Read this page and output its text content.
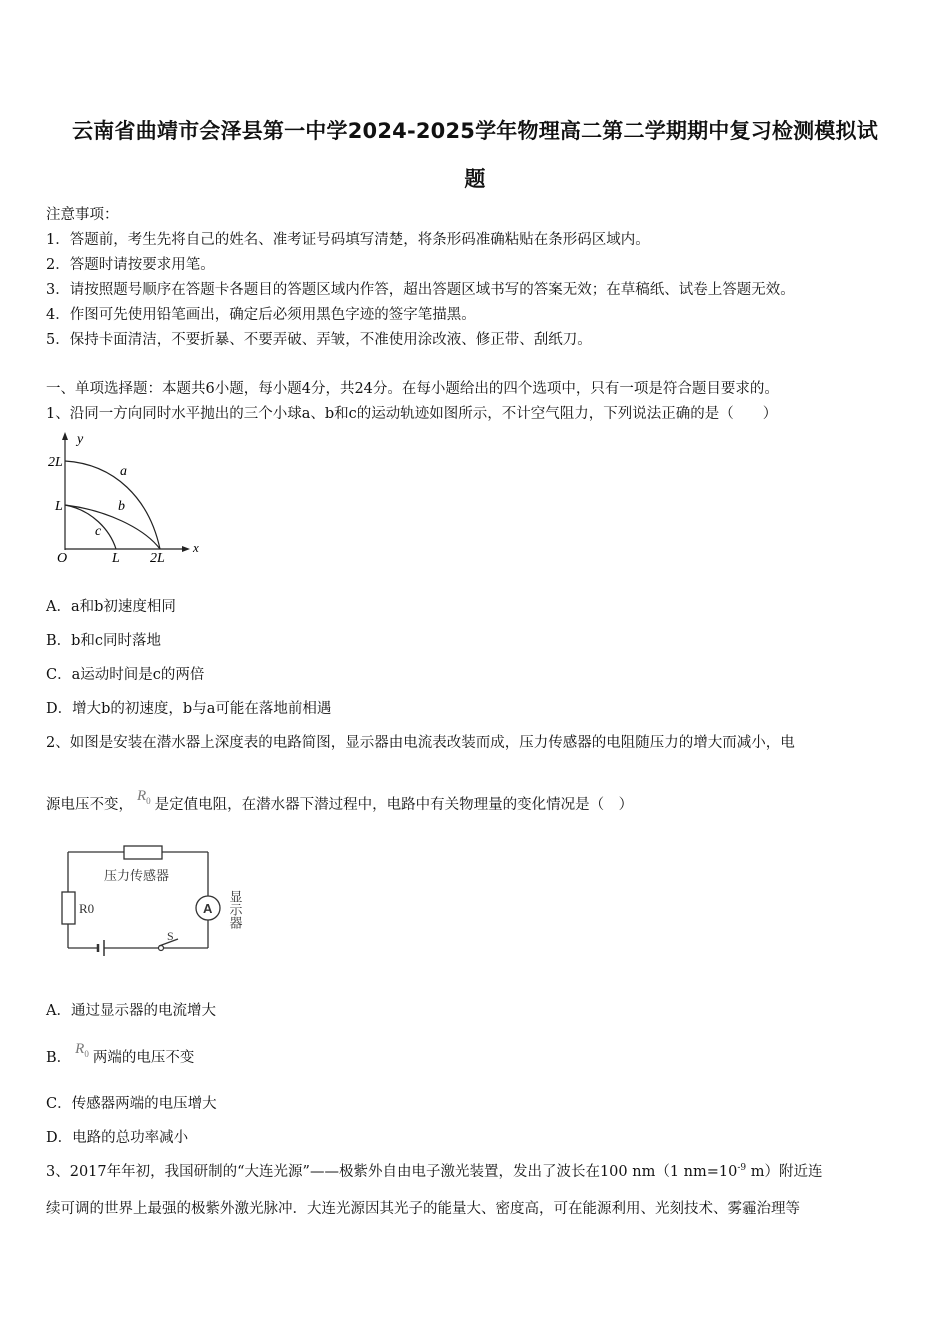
云南省曲靖市会泽县第一中学2024-2025学年物理高二第二学期期中复习检测模拟试
题
注意事项：
1．答题前，考生先将自己的姓名、准考证号码填写清楚，将条形码准确粘贴在条形码区域内。
2．答题时请按要求用笔。
3．请按照题号顺序在答题卡各题目的答题区域内作答，超出答题区域书写的答案无效；在草稿纸、试卷上答题无效。
4．作图可先使用铅笔画出，确定后必须用黑色字迹的签字笔描黑。
5．保持卡面清洁，不要折暴、不要弄破、弄皱，不准使用涂改液、修正带、刮纸刀。
一、单项选择题：本题共6小题，每小题4分，共24分。在每小题给出的四个选项中，只有一项是符合题目要求的。
1、沿同一方向同时水平抛出的三个小球a、b和c的运动轨迹如图所示，不计空气阻力，下列说法正确的是（　　）
y
x
O
2L
L
L 2L
a
b
c
A．a和b初速度相同
B．b和c同时落地
C．a运动时间是c的两倍
D．增大b的初速度，b与a可能在落地前相遇
2、如图是安装在潜水器上深度表的电路简图，显示器由电流表改装而成，压力传感器的电阻随压力的增大而减小，电
源电压不变，$R_0$ 是定值电阻，在潜水器下潜过程中，电路中有关物理量的变化情况是（　）
压力传感器
R0	A
S
显示器
A．通过显示器的电流增大
B．$R_0$ 两端的电压不变
C．传感器两端的电压增大
D．电路的总功率减小
3、2017年年初，我国研制的“大连光源”——极紫外自由电子激光装置，发出了波长在100 nm（1 $nm=10^{-9}$ m）附近连
续可调的世界上最强的极紫外激光脉冲．大连光源因其光子的能量大、密度高，可在能源利用、光刻技术、雾霾治理等
